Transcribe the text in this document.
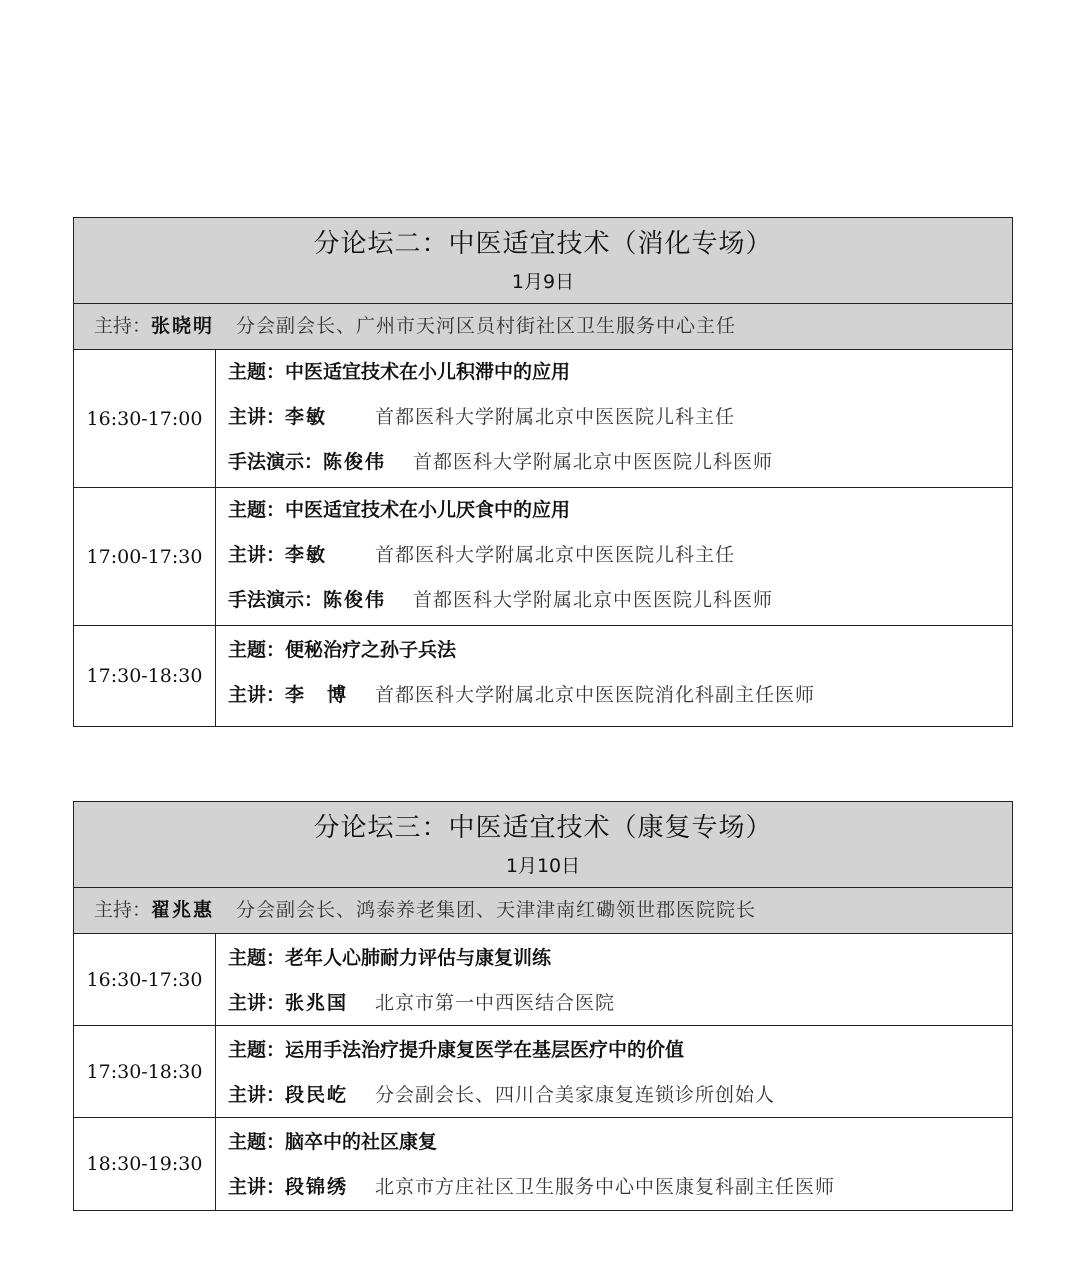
分论坛二：中医适宜技术（消化专场）
1月9日
主持：张晓明 分会副会长、广州市天河区员村街社区卫生服务中心主任
16:30-17:00
主题：中医适宜技术在小儿积滞中的应用
主讲：李敏	首都医科大学附属北京中医医院儿科主任
手法演示：陈俊伟 首都医科大学附属北京中医医院儿科医师
17:00-17:30
主题：中医适宜技术在小儿厌食中的应用
主讲：李敏	首都医科大学附属北京中医医院儿科主任
手法演示：陈俊伟 首都医科大学附属北京中医医院儿科医师
17:30-18:30
主题：便秘治疗之孙子兵法
主讲：李　博 首都医科大学附属北京中医医院消化科副主任医师
分论坛三：中医适宜技术（康复专场）
1月10日
主持：翟兆惠 分会副会长、鸿泰养老集团、天津津南红磡领世郡医院院长
16:30-17:30
主题：老年人心肺耐力评估与康复训练
主讲：张兆国 北京市第一中西医结合医院
17:30-18:30
主题：运用手法治疗提升康复医学在基层医疗中的价值
主讲：段民屹 分会副会长、四川合美家康复连锁诊所创始人
18:30-19:30
主题：脑卒中的社区康复
主讲：段锦绣 北京市方庄社区卫生服务中心中医康复科副主任医师
